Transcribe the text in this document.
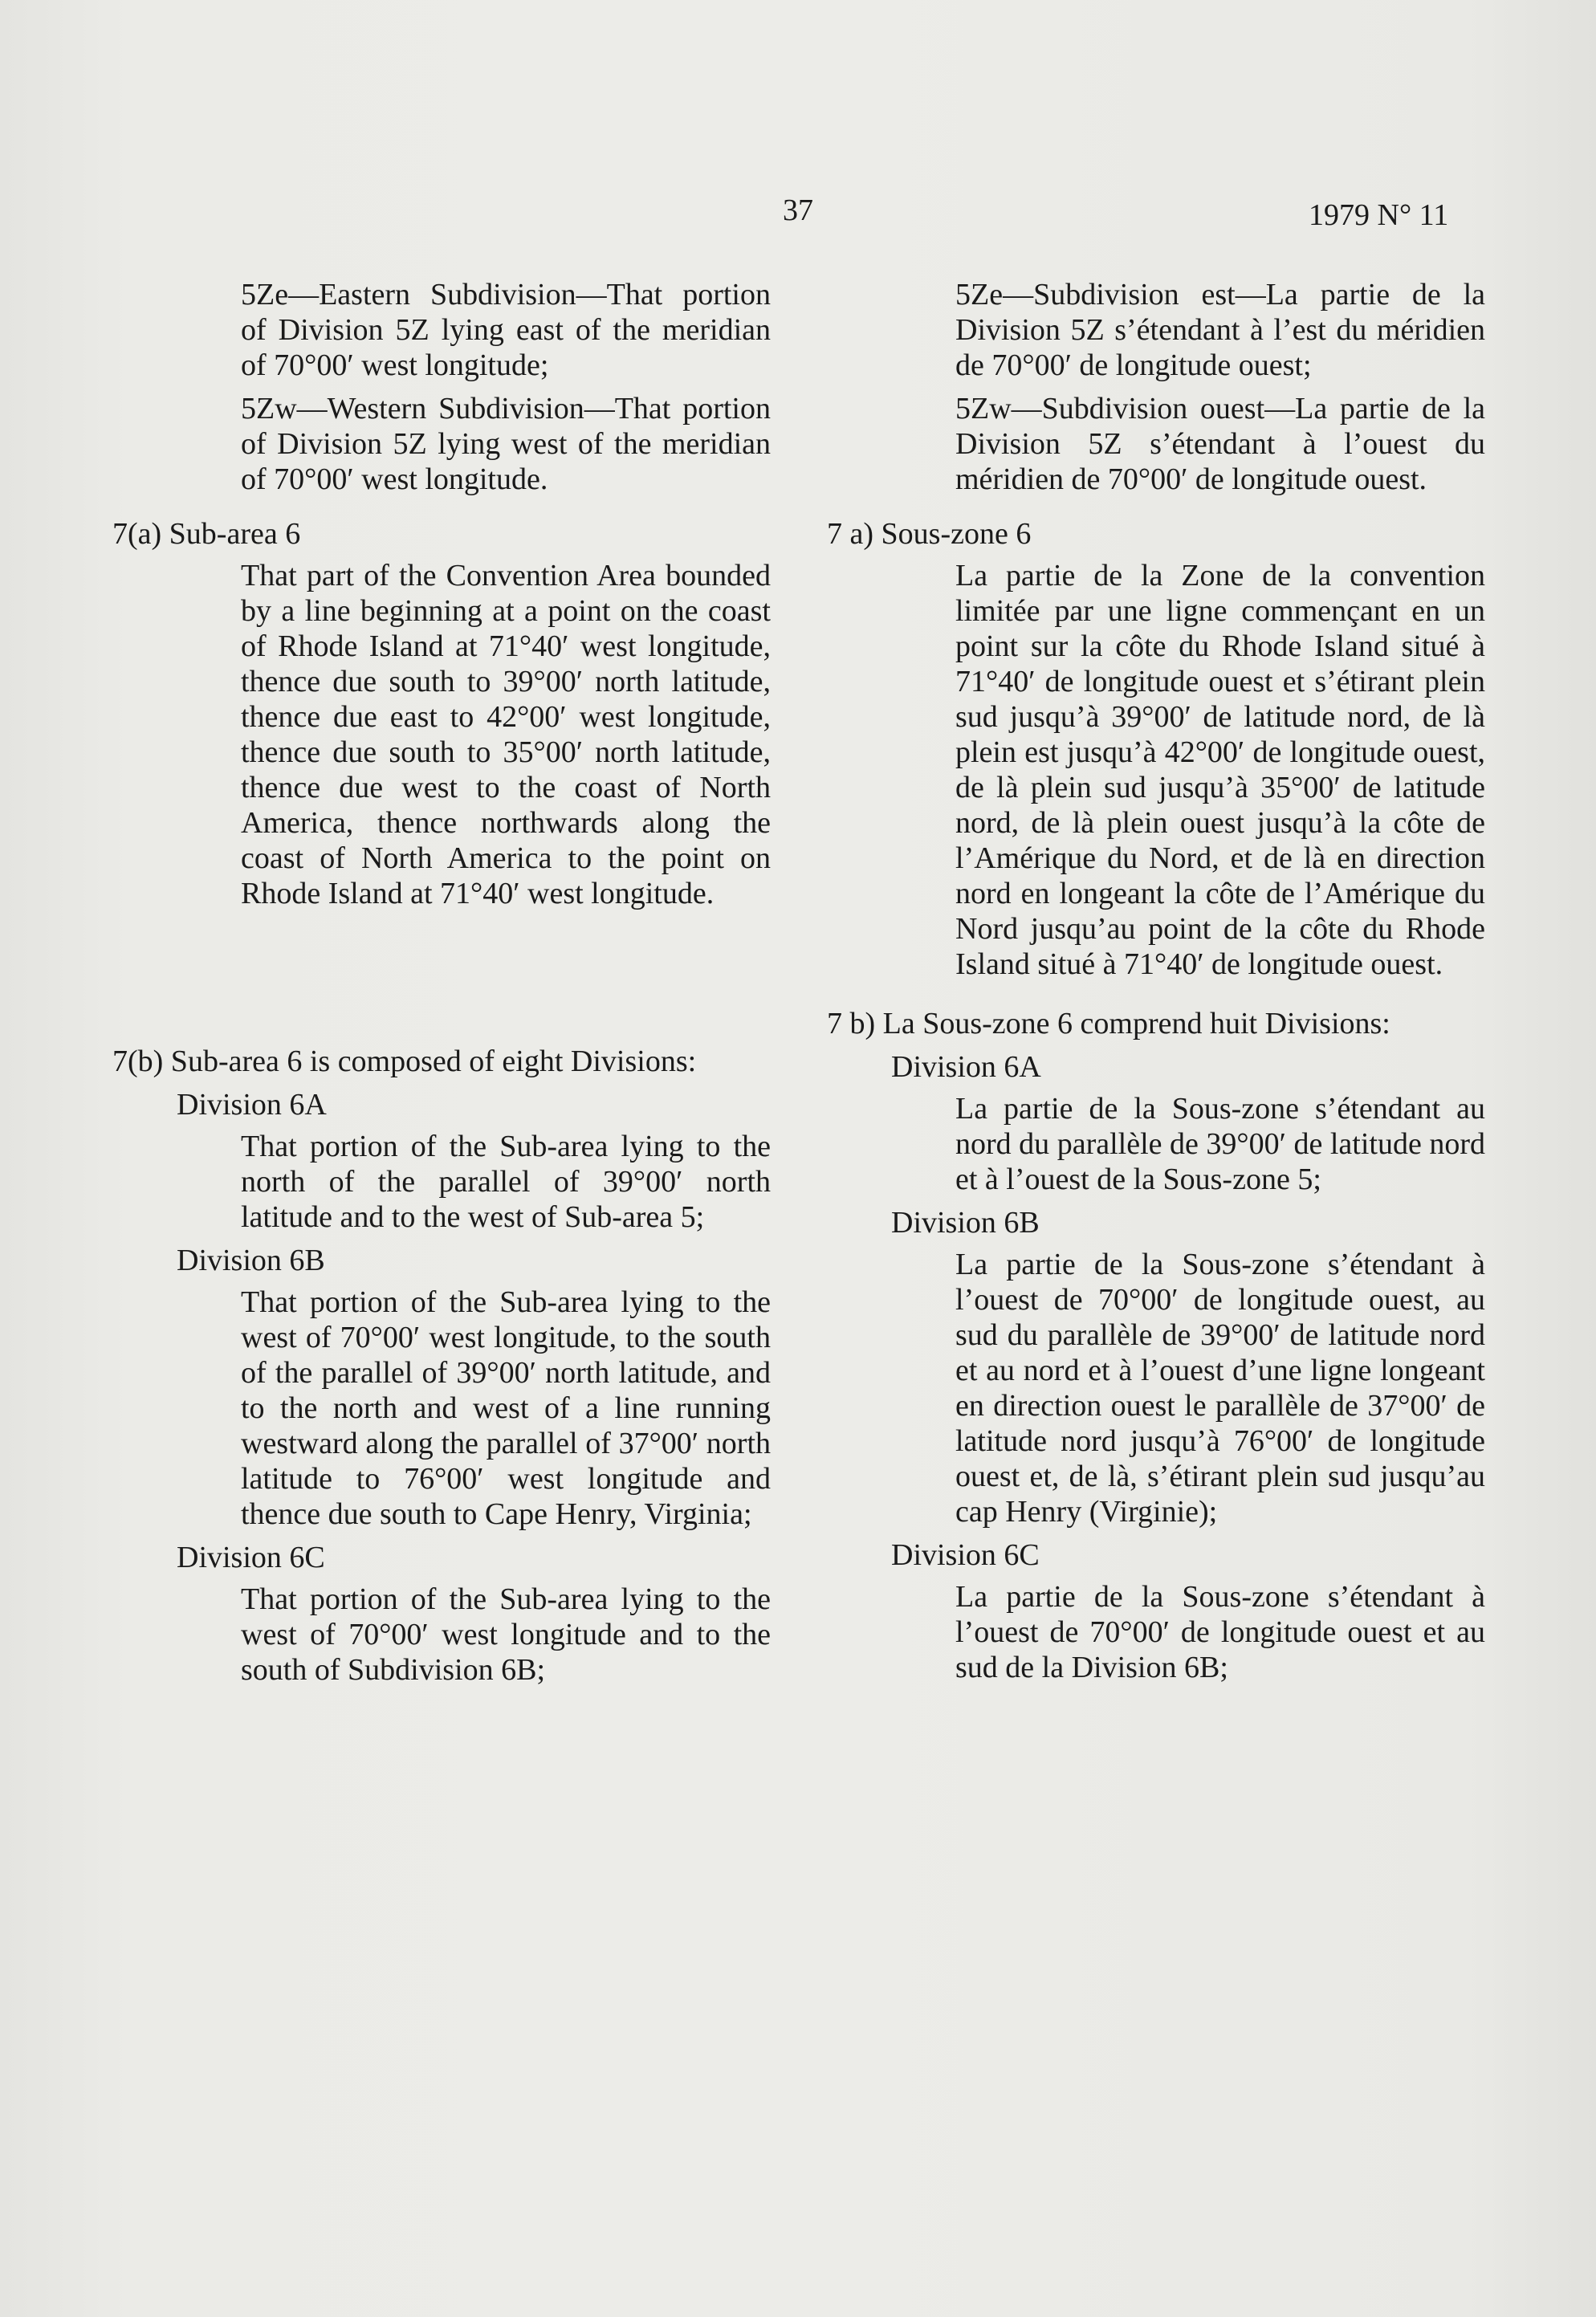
37	1979 N° 11

5Ze—Eastern Subdivision—That portion of Division 5Z lying east of the meridian of 70°00′ west longitude;

5Zw—Western Subdivision—That portion of Division 5Z lying west of the meridian of 70°00′ west longitude.

7(a) Sub-area 6

That part of the Convention Area bounded by a line beginning at a point on the coast of Rhode Island at 71°40′ west longitude, thence due south to 39°00′ north latitude, thence due east to 42°00′ west longitude, thence due south to 35°00′ north latitude, thence due west to the coast of North America, thence northwards along the coast of North America to the point on Rhode Island at 71°40′ west longitude.

7(b) Sub-area 6 is composed of eight Divisions:

Division 6A

That portion of the Sub-area lying to the north of the parallel of 39°00′ north latitude and to the west of Sub-area 5;

Division 6B

That portion of the Sub-area lying to the west of 70°00′ west longitude, to the south of the parallel of 39°00′ north latitude, and to the north and west of a line running westward along the parallel of 37°00′ north latitude to 76°00′ west longitude and thence due south to Cape Henry, Virginia;

Division 6C

That portion of the Sub-area lying to the west of 70°00′ west longitude and to the south of Subdivision 6B;

5Ze—Subdivision est—La partie de la Division 5Z s’étendant à l’est du méridien de 70°00′ de longitude ouest;

5Zw—Subdivision ouest—La partie de la Division 5Z s’étendant à l’ouest du méridien de 70°00′ de longitude ouest.

7 a) Sous-zone 6

La partie de la Zone de la convention limitée par une ligne commençant en un point sur la côte du Rhode Island situé à 71°40′ de longitude ouest et s’étirant plein sud jusqu’à 39°00′ de latitude nord, de là plein est jusqu’à 42°00′ de longitude ouest, de là plein sud jusqu’à 35°00′ de latitude nord, de là plein ouest jusqu’à la côte de l’Amérique du Nord, et de là en direction nord en longeant la côte de l’Amérique du Nord jusqu’au point de la côte du Rhode Island situé à 71°40′ de longitude ouest.

7 b) La Sous-zone 6 comprend huit Divisions:

Division 6A

La partie de la Sous-zone s’étendant au nord du parallèle de 39°00′ de latitude nord et à l’ouest de la Sous-zone 5;

Division 6B

La partie de la Sous-zone s’étendant à l’ouest de 70°00′ de longitude ouest, au sud du parallèle de 39°00′ de latitude nord et au nord et à l’ouest d’une ligne longeant en direction ouest le parallèle de 37°00′ de latitude nord jusqu’à 76°00′ de longitude ouest et, de là, s’étirant plein sud jusqu’au cap Henry (Virginie);

Division 6C

La partie de la Sous-zone s’étendant à l’ouest de 70°00′ de longitude ouest et au sud de la Division 6B;
